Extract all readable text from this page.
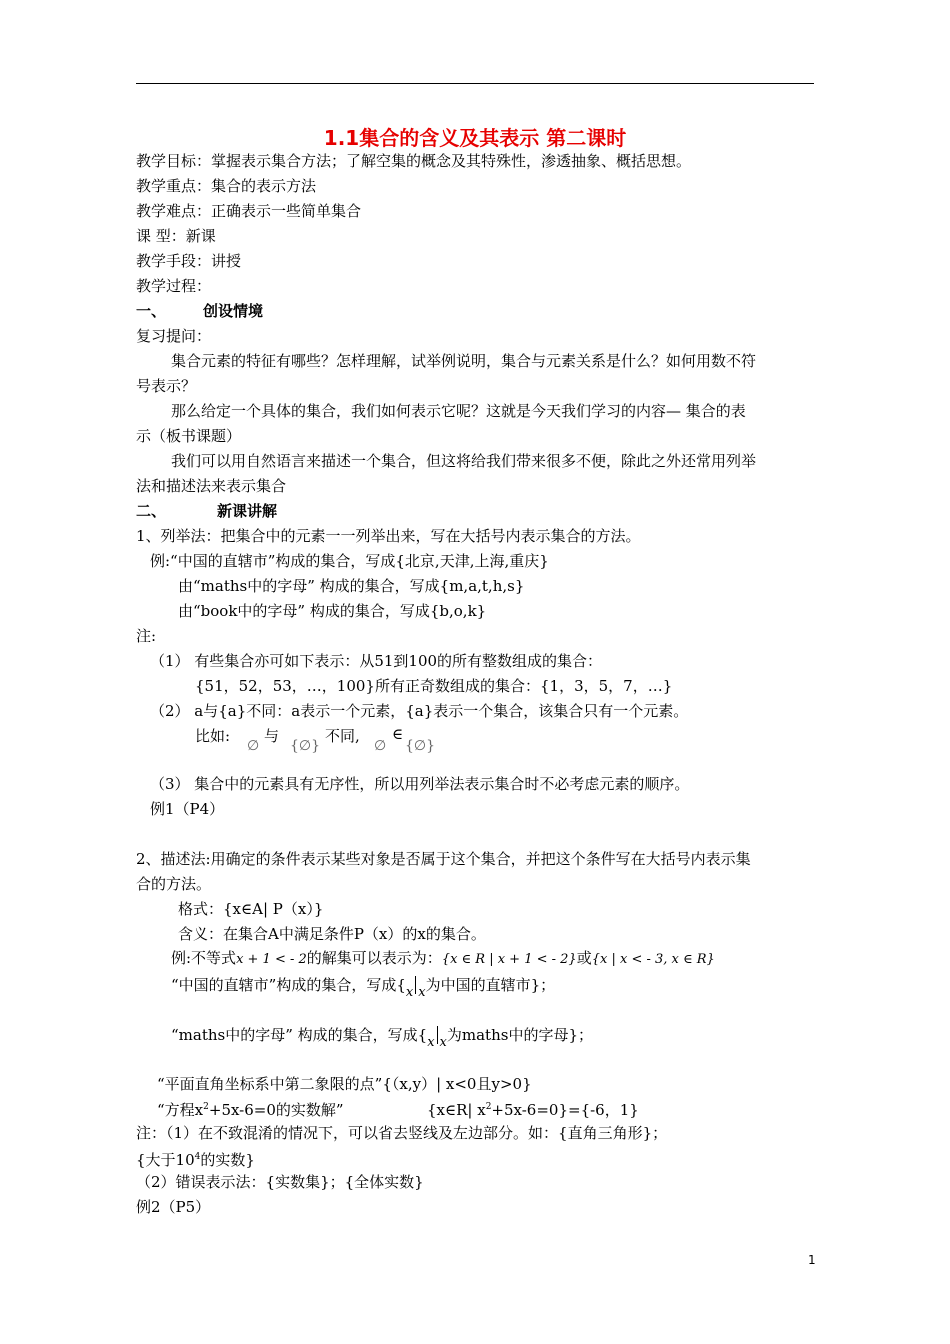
1.1集合的含义及其表示 第二课时
教学目标：掌握表示集合方法；了解空集的概念及其特殊性，渗透抽象、概括思想。
教学重点：集合的表示方法
教学难点：正确表示一些简单集合
课 型：新课
教学手段：讲授
教学过程：
一、 创设情境
复习提问：
集合元素的特征有哪些？怎样理解，试举例说明，集合与元素关系是什么？如何用数不符
号表示？
那么给定一个具体的集合，我们如何表示它呢？这就是今天我们学习的内容— 集合的表
示（板书课题）
我们可以用自然语言来描述一个集合，但这将给我们带来很多不便，除此之外还常用列举
法和描述法来表示集合
二、	新课讲解
1、列举法：把集合中的元素一一列举出来，写在大括号内表示集合的方法。
例:“中国的直辖市”构成的集合，写成{北京,天津,上海,重庆}
由“maths中的字母” 构成的集合，写成{m,a,t,h,s}
由“book中的字母” 构成的集合，写成{b,o,k}
注:
（1） 有些集合亦可如下表示：从51到100的所有整数组成的集合：
{51，52，53，…，100}所有正奇数组成的集合：{1，3，5，7，…}
（2） a与{a}不同：a表示一个元素，{a}表示一个集合，该集合只有一个元素。
比如:
∅
与
{∅}
不同,
∅
∈
{∅}
（3） 集合中的元素具有无序性，所以用列举法表示集合时不必考虑元素的顺序。
例1（P4）
2、描述法:用确定的条件表示某些对象是否属于这个集合，并把这个条件写在大括号内表示集
合的方法。
格式：{x∈A| P（x）}
含义：在集合A中满足条件P（x）的x的集合。
例:不等式x + 1 < - 2的解集可以表示为：{x ∈ R | x + 1 < - 2}或{x | x < - 3, x ∈ R}
“中国的直辖市”构成的集合，写成{x x为中国的直辖市}；
“maths中的字母” 构成的集合，写成{x x为maths中的字母}；
“平面直角坐标系中第二象限的点”{（x,y）| x<0且y>0}
“方程$x^2+5x-6=0$的实数解”	{x∈R| $x^2+5x-6=0\}=\{-6$，1}
注：（1）在不致混淆的情况下，可以省去竖线及左边部分。如：{直角三角形}；
{大于$10^4$的实数}
（2）错误表示法：{实数集}；{全体实数}
例2（P5）
1
